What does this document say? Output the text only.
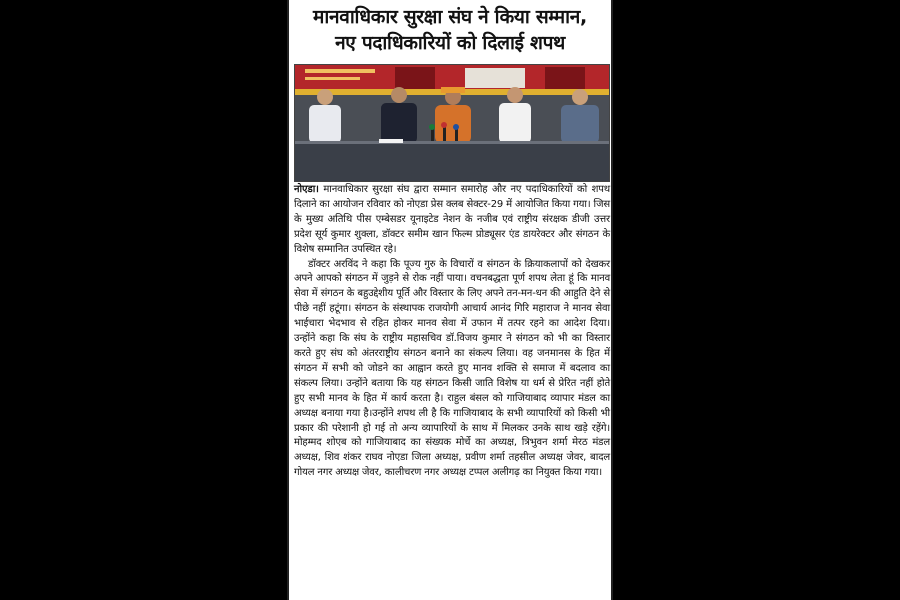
मानवाधिकार सुरक्षा संघ ने किया सम्मान,
नए पदाधिकारियों को दिलाई शपथ

नोएडा। मानवाधिकार सुरक्षा संघ द्वारा सम्मान समारोह और नए पदाधिकारियों को शपथ दिलाने का आयोजन रविवार को नोएडा प्रेस क्लब सेक्टर-29 में आयोजित किया गया। जिस के मुख्य अतिथि पीस एम्बेसडर यूनाइटेड नेशन के नजीब एवं राष्ट्रीय संरक्षक डीजी उत्तर प्रदेश सूर्य कुमार शुक्ला, डॉक्टर समीम खान फिल्म प्रोड्यूसर एंड डायरेक्टर और संगठन के विशेष सम्मानित उपस्थित रहे।

डॉक्टर अरविंद ने कहा कि पूज्य गुरु के विचारों व संगठन के क्रियाकलापों को देखकर अपने आपको संगठन में जुड़ने से रोक नहीं पाया। वचनबद्धता पूर्ण शपथ लेता हूं कि मानव सेवा में संगठन के बहुउद्देशीय पूर्ति और विस्तार के लिए अपने तन-मन-धन की आहुति देने से पीछे नहीं हटूंगा। संगठन के संस्थापक राजयोगी आचार्य आनंद गिरि महाराज ने मानव सेवा भाईचारा भेदभाव से रहित होकर मानव सेवा में उफान में तत्पर रहने का आदेश दिया। उन्होंने कहा कि संघ के राष्ट्रीय महासचिव डॉ.विजय कुमार ने संगठन को भी का विस्तार करते हुए संघ को अंतरराष्ट्रीय संगठन बनाने का संकल्प लिया। वह जनमानस के हित में संगठन में सभी को जोडने का आह्वान करते हुए मानव शक्ति से समाज में बदलाव का संकल्प लिया। उन्होंने बताया कि यह संगठन किसी जाति विशेष या धर्म से प्रेरित नहीं होते हुए सभी मानव के हित में कार्य करता है। राहुल बंसल को गाजियाबाद व्यापार मंडल का अध्यक्ष बनाया गया है।उन्होंने शपथ ली है कि गाजियाबाद के सभी व्यापारियों को किसी भी प्रकार की परेशानी हो गई तो अन्य व्यापारियों के साथ में मिलकर उनके साथ खड़े रहेंगे। मोहम्मद शोएब को गाजियाबाद का संख्यक मोर्चे का अध्यक्ष, त्रिभुवन शर्मा मेरठ मंडल अध्यक्ष, शिव शंकर राघव नोएडा जिला अध्यक्ष, प्रवीण शर्मा तहसील अध्यक्ष जेवर, बादल गोयल नगर अध्यक्ष जेवर, कालीचरण नगर अध्यक्ष टप्पल अलीगढ़ का नियुक्त किया गया।
